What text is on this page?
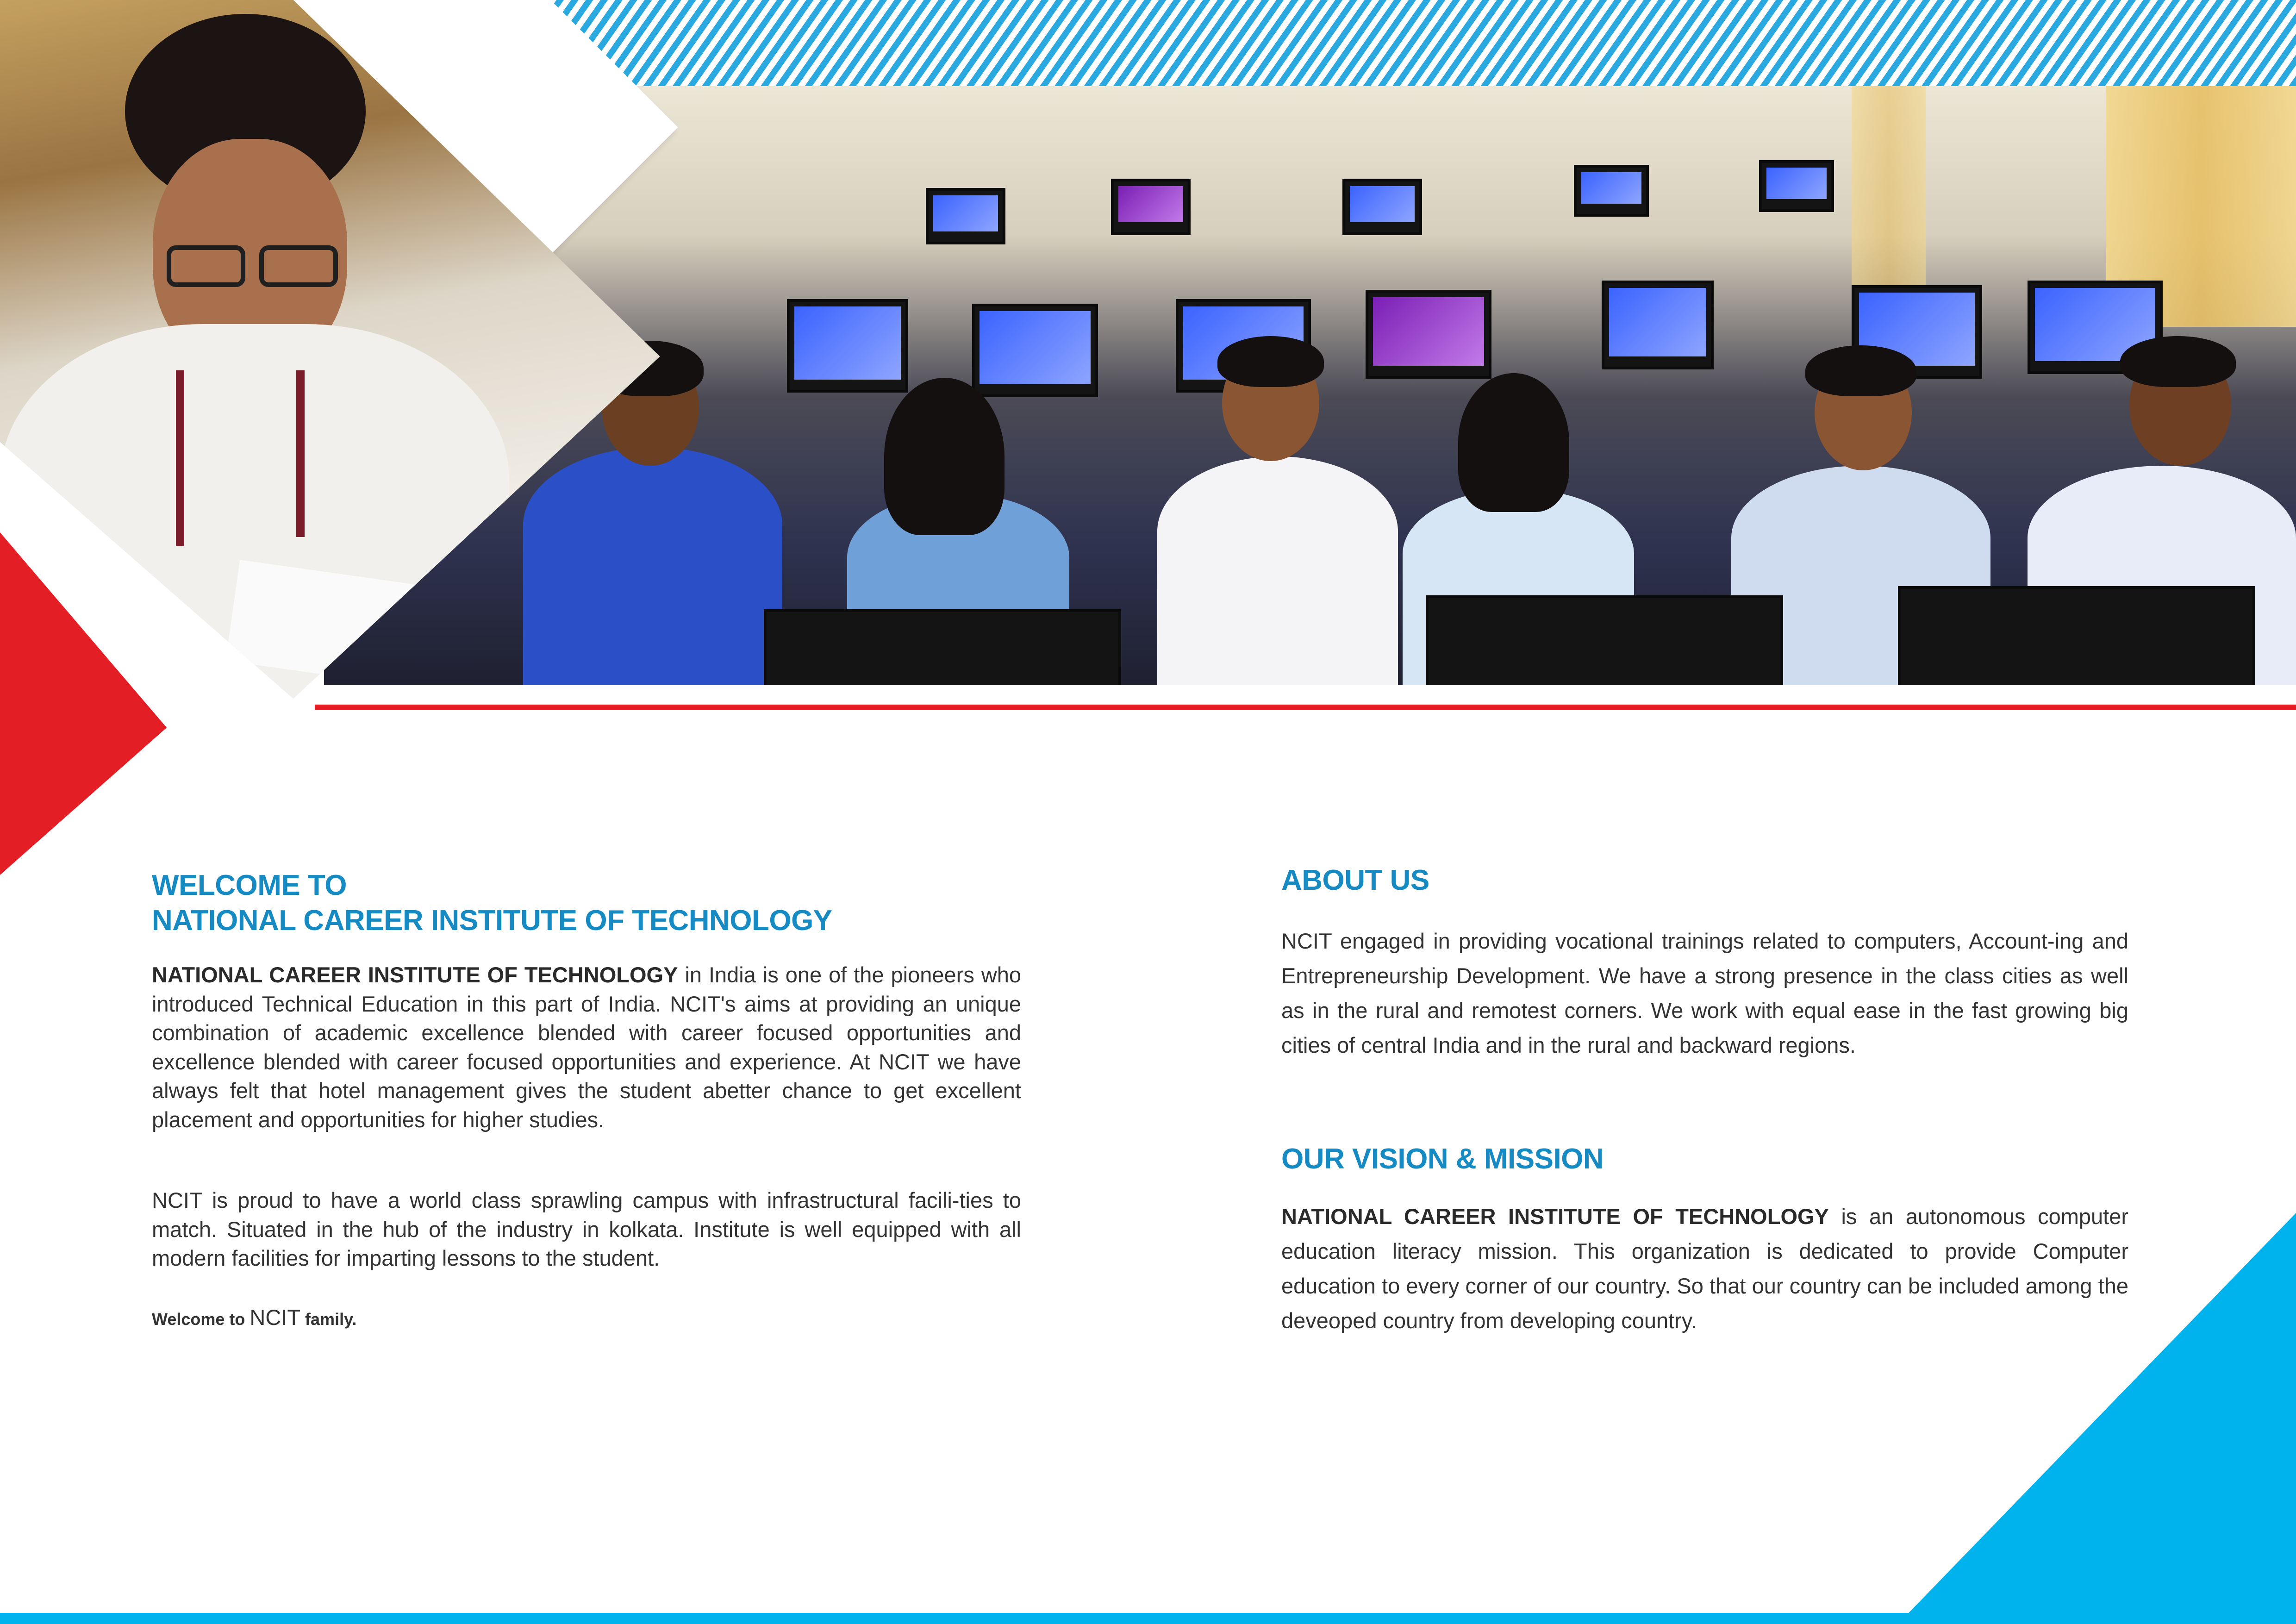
WELCOME TO
NATIONAL CAREER INSTITUTE OF TECHNOLOGY

NATIONAL CAREER INSTITUTE OF TECHNOLOGY in India is one of the pioneers who introduced Technical Education in this part of India. NCIT's aims at providing an unique combination of academic excellence blended with career focused opportunities and excellence blended with career focused opportunities and experience. At NCIT we have always felt that hotel management gives the student abetter chance to get excellent placement and opportunities for higher studies.

NCIT is proud to have a world class sprawling campus with infrastructural facili-ties to match. Situated in the hub of the industry in kolkata. Institute is well equipped with all modern facilities for imparting lessons to the student.

Welcome to NCIT family.

ABOUT US

NCIT engaged in providing vocational trainings related to computers, Account-ing and Entrepreneurship Development. We have a strong presence in the class cities as well as in the rural and remotest corners. We work with equal ease in the fast growing big cities of central India and in the rural and backward regions.

OUR VISION & MISSION

NATIONAL CAREER INSTITUTE OF TECHNOLOGY is an autonomous computer education literacy mission. This organization is dedicated to provide Computer education to every corner of our country. So that our country can be included among the deveoped country from developing country.
